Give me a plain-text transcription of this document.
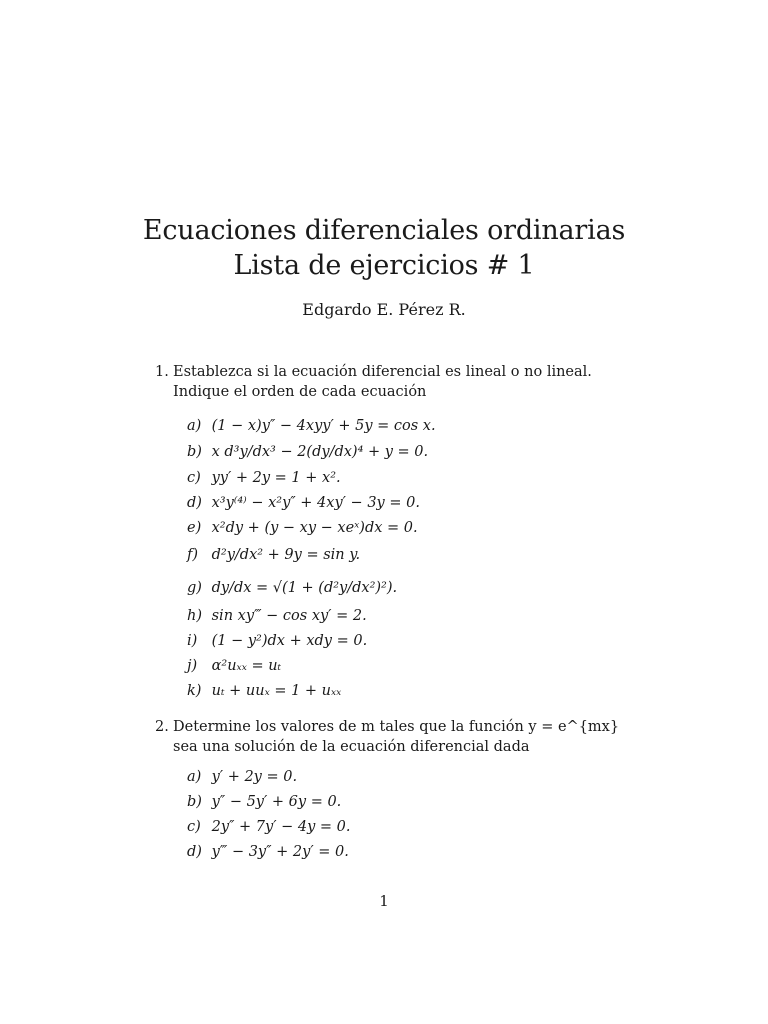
Ecuaciones diferenciales ordinarias
Lista de ejercicios # 1
Edgardo E. Pérez R.
1. Establezca si la ecuación diferencial es lineal o no lineal. Indique el orden de cada ecuación
a) (1 − x)y″ − 4xyy′ + 5y = cos x.
b) x d³y/dx³ − 2(dy/dx)⁴ + y = 0.
c) yy′ + 2y = 1 + x².
d) x³y⁽⁴⁾ − x²y″ + 4xy′ − 3y = 0.
e) x²dy + (y − xy − xeˣ)dx = 0.
f) d²y/dx² + 9y = sin y.
g) dy/dx = √(1 + (d²y/dx²)²).
h) sin xy‴ − cos xy′ = 2.
i) (1 − y²)dx + xdy = 0.
j) α²uₓₓ = uₜ
k) uₜ + uuₓ = 1 + uₓₓ
2. Determine los valores de m tales que la función y = e^{mx} sea una solución de la ecuación diferencial dada
a) y′ + 2y = 0.
b) y″ − 5y′ + 6y = 0.
c) 2y″ + 7y′ − 4y = 0.
d) y‴ − 3y″ + 2y′ = 0.
1
